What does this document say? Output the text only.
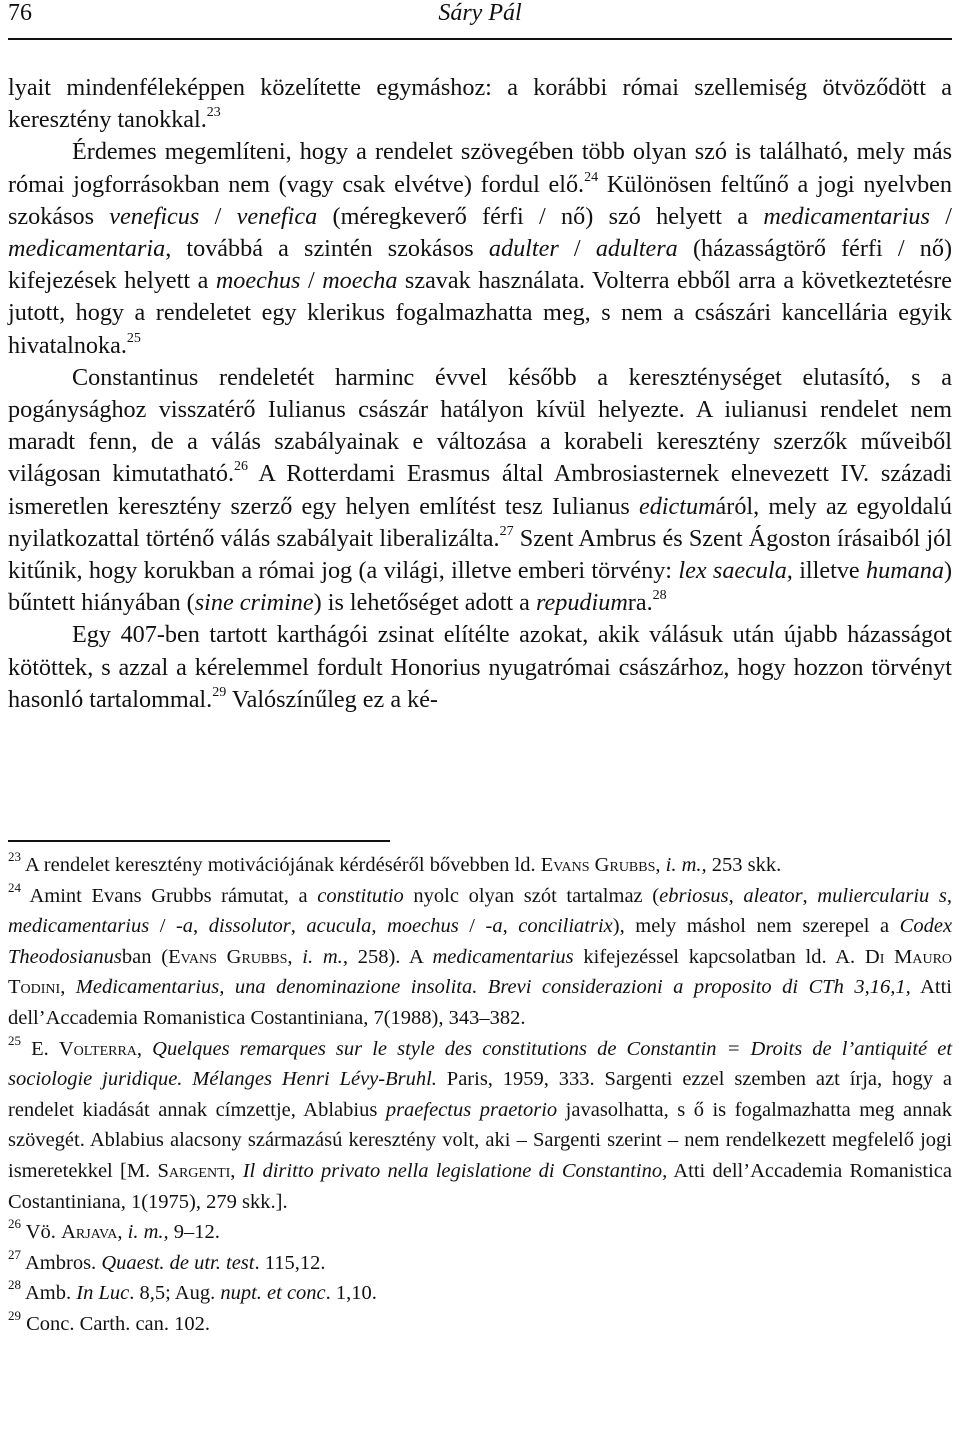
76	Sáry Pál

lyait mindenféleképpen közelítette egymáshoz: a korábbi római szellemiség ötvöződött a keresztény tanokkal.$^{23}$

Érdemes megemlíteni, hogy a rendelet szövegében több olyan szó is található, mely más római jogforrásokban nem (vagy csak elvétve) fordul elő.$^{24}$ Különösen feltűnő a jogi nyelvben szokásos veneficus / venefica (méregkeverő férfi / nő) szó helyett a medicamentarius / medicamentaria, továbbá a szintén szokásos adulter / adultera (házasságtörő férfi / nő) kifejezések helyett a moechus / moecha szavak használata. Volterra ebből arra a következtetésre jutott, hogy a rendeletet egy klerikus fogalmazhatta meg, s nem a császári kancellária egyik hivatalnoka.$^{25}$

Constantinus rendeletét harminc évvel később a kereszténységet elutasító, s a pogánysághoz visszatérő Iulianus császár hatályon kívül helyezte. A iulianusi rendelet nem maradt fenn, de a válás szabályainak e változása a korabeli keresztény szerzők műveiből világosan kimutatható.$^{26}$ A Rotterdami Erasmus által Ambrosiasternek elnevezett IV. századi ismeretlen keresztény szerző egy helyen említést tesz Iulianus edictumáról, mely az egyoldalú nyilatkozattal történő válás szabályait liberalizálta.$^{27}$ Szent Ambrus és Szent Ágoston írásaiból jól kitűnik, hogy korukban a római jog (a világi, illetve emberi törvény: lex saecula, illetve humana) bűntett hiányában (sine crimine) is lehetőséget adott a repudiumra.$^{28}$

Egy 407-ben tartott karthágói zsinat elítélte azokat, akik válásuk után újabb házasságot kötöttek, s azzal a kérelemmel fordult Honorius nyugatrómai császárhoz, hogy hozzon törvényt hasonló tartalommal.$^{29}$ Valószínűleg ez a ké-

$^{23}$ A rendelet keresztény motivációjának kérdéséről bővebben ld. Evans Grubbs, i. m., 253 skk.

$^{24}$ Amint Evans Grubbs rámutat, a constitutio nyolc olyan szót tartalmaz (ebriosus, aleator, mulierculariu s, medicamentarius / -a, dissolutor, acucula, moechus / -a, conciliatrix), mely máshol nem szerepel a Codex Theodosianusban (Evans Grubbs, i. m., 258). A medicamentarius kifejezéssel kapcsolatban ld. A. Di Mauro Todini, Medicamentarius, una denominazione insolita. Brevi considerazioni a proposito di CTh 3,16,1, Atti dell’Accademia Romanistica Costantiniana, 7(1988), 343–382.

$^{25}$ E. Volterra, Quelques remarques sur le style des constitutions de Constantin = Droits de l’antiquité et sociologie juridique. Mélanges Henri Lévy-Bruhl. Paris, 1959, 333. Sargenti ezzel szemben azt írja, hogy a rendelet kiadását annak címzettje, Ablabius praefectus praetorio javasolhatta, s ő is fogalmazhatta meg annak szövegét. Ablabius alacsony származású keresztény volt, aki – Sargenti szerint – nem rendelkezett megfelelő jogi ismeretekkel [M. Sargenti, Il diritto privato nella legislatione di Constantino, Atti dell’Accademia Romanistica Costantiniana, 1(1975), 279 skk.].

$^{26}$ Vö. Arjava, i. m., 9–12.

$^{27}$ Ambros. Quaest. de utr. test. 115,12.

$^{28}$ Amb. In Luc. 8,5; Aug. nupt. et conc. 1,10.

$^{29}$ Conc. Carth. can. 102.
